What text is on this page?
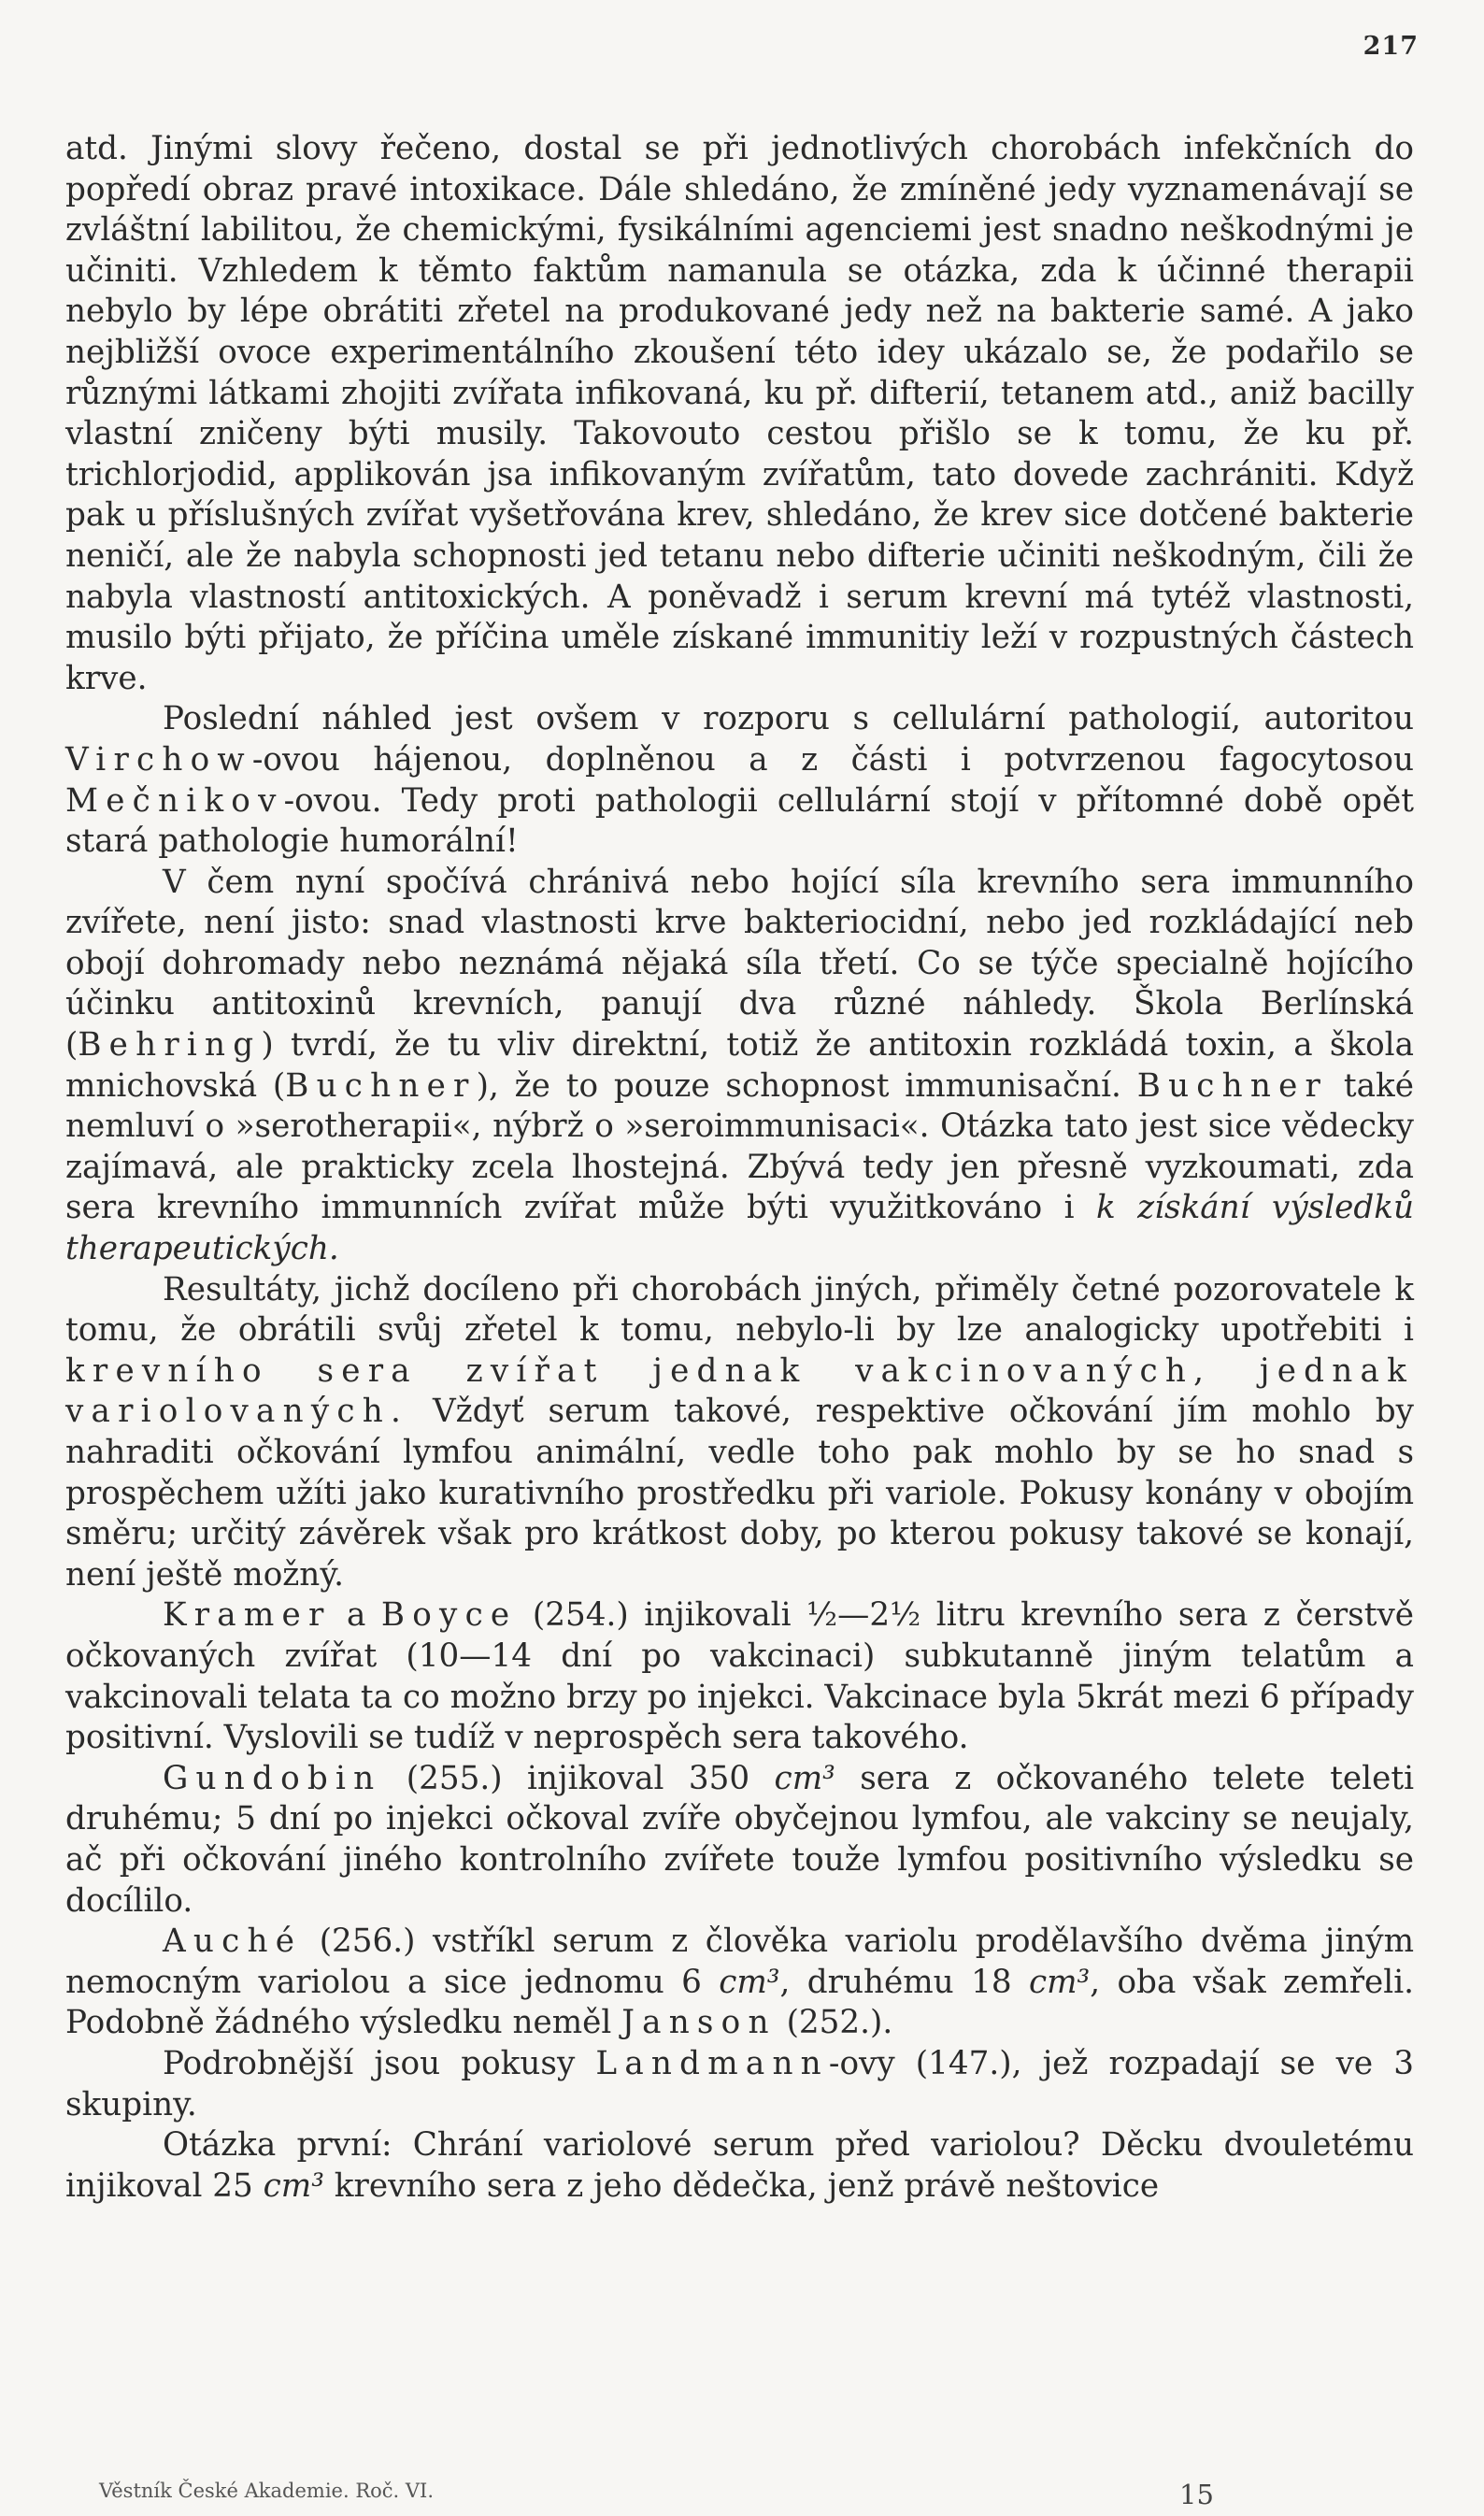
217

atd. Jinými slovy řečeno, dostal se při jednotlivých chorobách infekčních do popředí obraz pravé intoxikace. Dále shledáno, že zmíněné jedy vyznamenávají se zvláštní labilitou, že chemickými, fysikálními agenciemi jest snadno neškodnými je učiniti. Vzhledem k těmto faktům namanula se otázka, zda k účinné therapii nebylo by lépe obrátiti zřetel na produkované jedy než na bakterie samé. A jako nejbližší ovoce experimentálního zkoušení této idey ukázalo se, že podařilo se různými látkami zhojiti zvířata infikovaná, ku př. difterií, tetanem atd., aniž bacilly vlastní zničeny býti musily. Takovouto cestou přišlo se k tomu, že ku př. trichlorjodid, applikován jsa infikovaným zvířatům, tato dovede zachrániti. Když pak u příslušných zvířat vyšetřována krev, shledáno, že krev sice dotčené bakterie neničí, ale že nabyla schopnosti jed tetanu nebo difterie učiniti neškodným, čili že nabyla vlastností antitoxických. A poněvadž i serum krevní má tytéž vlastnosti, musilo býti přijato, že příčina uměle získané immunitiy leží v rozpustných částech krve.

Poslední náhled jest ovšem v rozporu s cellulární pathologií, autoritou Virchow-ovou hájenou, doplněnou a z části i potvrzenou fagocytosou Mečnikov-ovou. Tedy proti pathologii cellulární stojí v přítomné době opět stará pathologie humorální!

V čem nyní spočívá chránivá nebo hojící síla krevního sera immunního zvířete, není jisto: snad vlastnosti krve bakteriocidní, nebo jed rozkládající neb obojí dohromady nebo neznámá nějaká síla třetí. Co se týče specialně hojícího účinku antitoxinů krevních, panují dva různé náhledy. Škola Berlínská (Behring) tvrdí, že tu vliv direktní, totiž že antitoxin rozkládá toxin, a škola mnichovská (Buchner), že to pouze schopnost immunisační. Buchner také nemluví o »serotherapii«, nýbrž o »seroimmunisaci«. Otázka tato jest sice vědecky zajímavá, ale prakticky zcela lhostejná. Zbývá tedy jen přesně vyzkoumati, zda sera krevního immunních zvířat může býti využitkováno i k získání výsledků therapeutických.

Resultáty, jichž docíleno při chorobách jiných, přiměly četné pozorovatele k tomu, že obrátili svůj zřetel k tomu, nebylo-li by lze analogicky upotřebiti i krevního sera zvířat jednak vakcinovaných, jednak variolovaných. Vždyť serum takové, respektive očkování jím mohlo by nahraditi očkování lymfou animální, vedle toho pak mohlo by se ho snad s prospěchem užíti jako kurativního prostředku při variole. Pokusy konány v obojím směru; určitý závěrek však pro krátkost doby, po kterou pokusy takové se konají, není ještě možný.

Kramer a Boyce (254.) injikovali ½—2½ litru krevního sera z čerstvě očkovaných zvířat (10—14 dní po vakcinaci) subkutanně jiným telatům a vakcinovali telata ta co možno brzy po injekci. Vakcinace byla 5krát mezi 6 případy positivní. Vyslovili se tudíž v neprospěch sera takového.

Gundobin (255.) injikoval 350 cm³ sera z očkovaného telete teleti druhému; 5 dní po injekci očkoval zvíře obyčejnou lymfou, ale vakciny se neujaly, ač při očkování jiného kontrolního zvířete touže lymfou positivního výsledku se docílilo.

Auché (256.) vstříkl serum z člověka variolu prodělavšího dvěma jiným nemocným variolou a sice jednomu 6 cm³, druhému 18 cm³, oba však zemřeli. Podobně žádného výsledku neměl Janson (252.).

Podrobnější jsou pokusy Landmann-ovy (147.), jež rozpadají se ve 3 skupiny.

Otázka první: Chrání variolové serum před variolou? Děcku dvouletému injikoval 25 cm³ krevního sera z jeho dědečka, jenž právě neštovice

Věstník České Akademie. Roč. VI.	15
